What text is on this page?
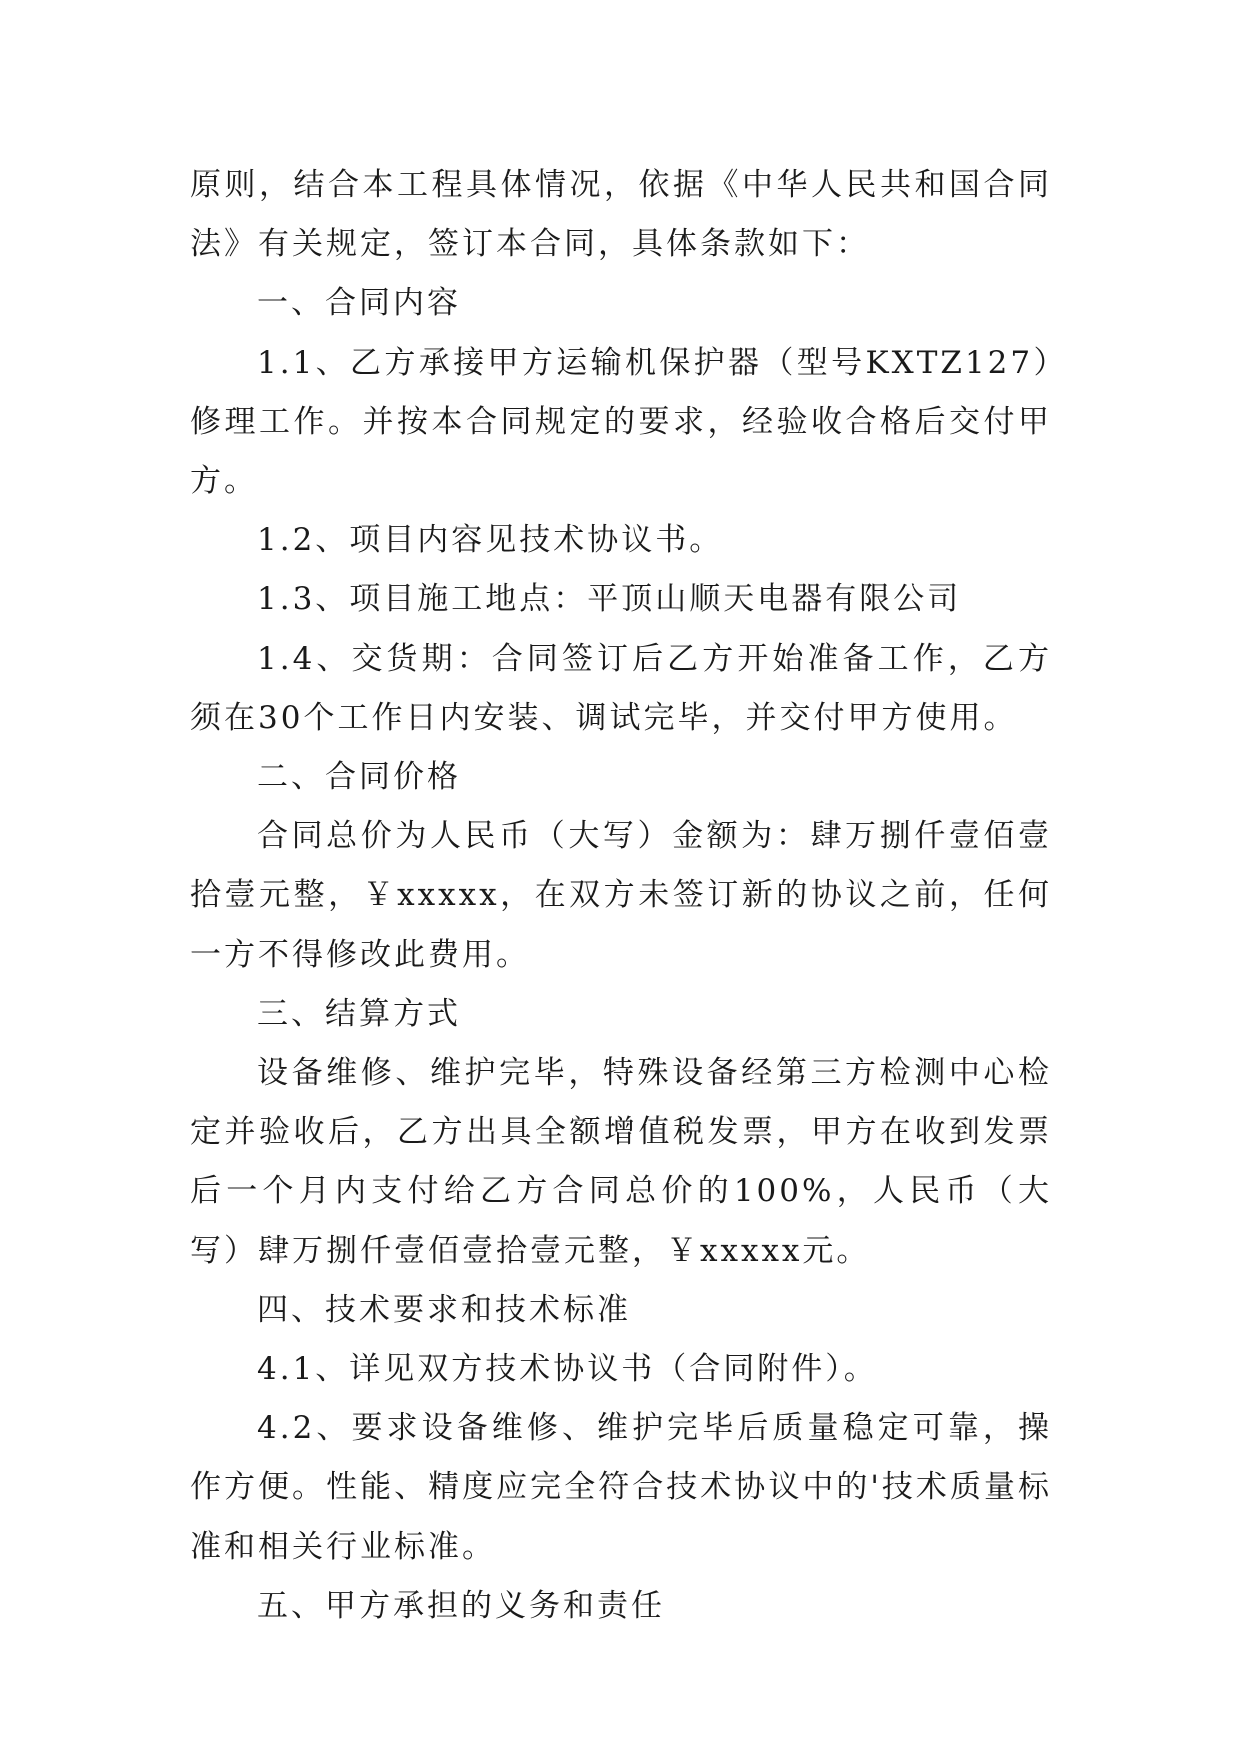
原则，结合本工程具体情况，依据《中华人民共和国合同法》有关规定，签订本合同，具体条款如下：

一、合同内容

1.1、乙方承接甲方运输机保护器（型号KXTZ127）修理工作。并按本合同规定的要求，经验收合格后交付甲方。

1.2、项目内容见技术协议书。

1.3、项目施工地点：平顶山顺天电器有限公司

1.4、交货期：合同签订后乙方开始准备工作，乙方须在30个工作日内安装、调试完毕，并交付甲方使用。

二、合同价格

合同总价为人民币（大写）金额为：肆万捌仟壹佰壹拾壹元整，￥xxxxx，在双方未签订新的协议之前，任何一方不得修改此费用。

三、结算方式

设备维修、维护完毕，特殊设备经第三方检测中心检定并验收后，乙方出具全额增值税发票，甲方在收到发票后一个月内支付给乙方合同总价的100%，人民币（大写）肆万捌仟壹佰壹拾壹元整，￥xxxxx元。

四、技术要求和技术标准

4.1、详见双方技术协议书（合同附件）。

4.2、要求设备维修、维护完毕后质量稳定可靠，操作方便。性能、精度应完全符合技术协议中的'技术质量标准和相关行业标准。

五、甲方承担的义务和责任
